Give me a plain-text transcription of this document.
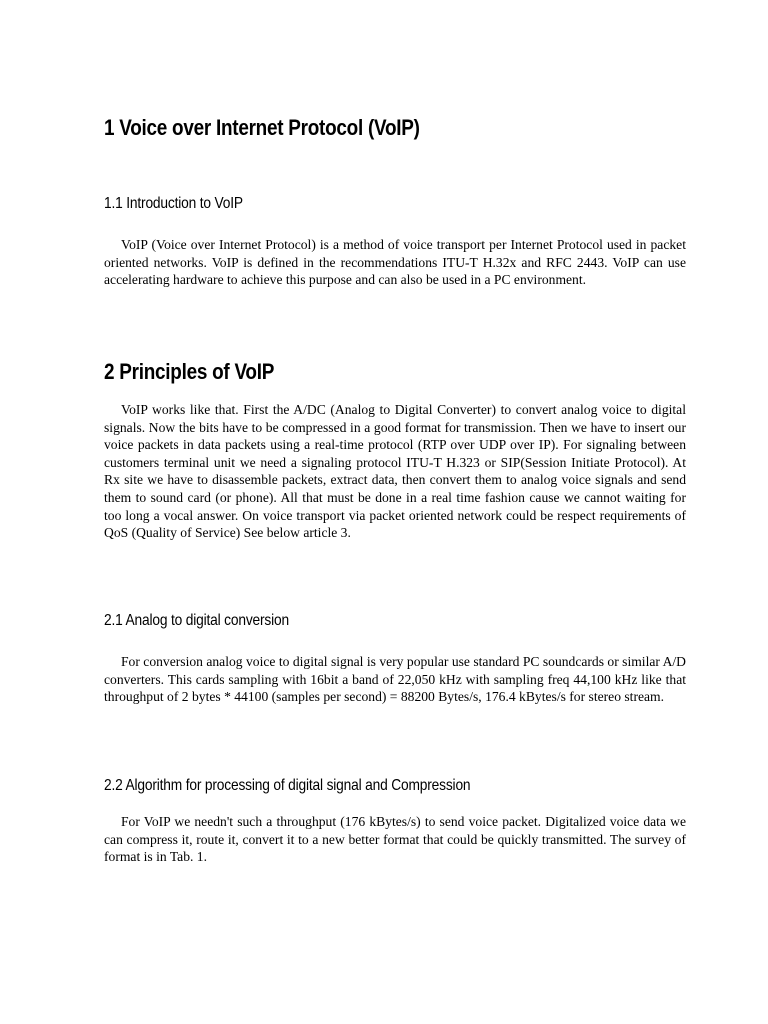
1 Voice over Internet Protocol (VoIP)
1.1 Introduction to VoIP

VoIP (Voice over Internet Protocol) is a method of voice transport per Internet Protocol used in packet oriented networks. VoIP is defined in the recommendations ITU-T H.32x and RFC 2443. VoIP can use accelerating hardware to achieve this purpose and can also be used in a PC environment.

2 Principles of VoIP

VoIP works like that. First the A/DC (Analog to Digital Converter) to convert analog voice to digital signals. Now the bits have to be compressed in a good format for transmission. Then we have to insert our voice packets in data packets using a real-time protocol (RTP over UDP over IP). For signaling between customers terminal unit we need a signaling protocol ITU-T H.323 or SIP(Session Initiate Protocol). At Rx site we have to disassemble packets, extract data, then convert them to analog voice signals and send them to sound card (or phone). All that must be done in a real time fashion cause we cannot waiting for too long a vocal answer. On voice transport via packet oriented network could be respect requirements of QoS (Quality of Service) See below article 3.

2.1 Analog to digital conversion

For conversion analog voice to digital signal is very popular use standard PC soundcards or similar A/D converters. This cards sampling with 16bit a band of 22,050 kHz with sampling freq 44,100 kHz like that throughput of 2 bytes * 44100 (samples per second) = 88200 Bytes/s, 176.4 kBytes/s for stereo stream.

2.2 Algorithm for processing of digital signal and Compression

For VoIP we needn't such a throughput (176 kBytes/s) to send voice packet. Digitalized voice data we can compress it, route it, convert it to a new better format that could be quickly transmitted. The survey of format is in Tab. 1.
